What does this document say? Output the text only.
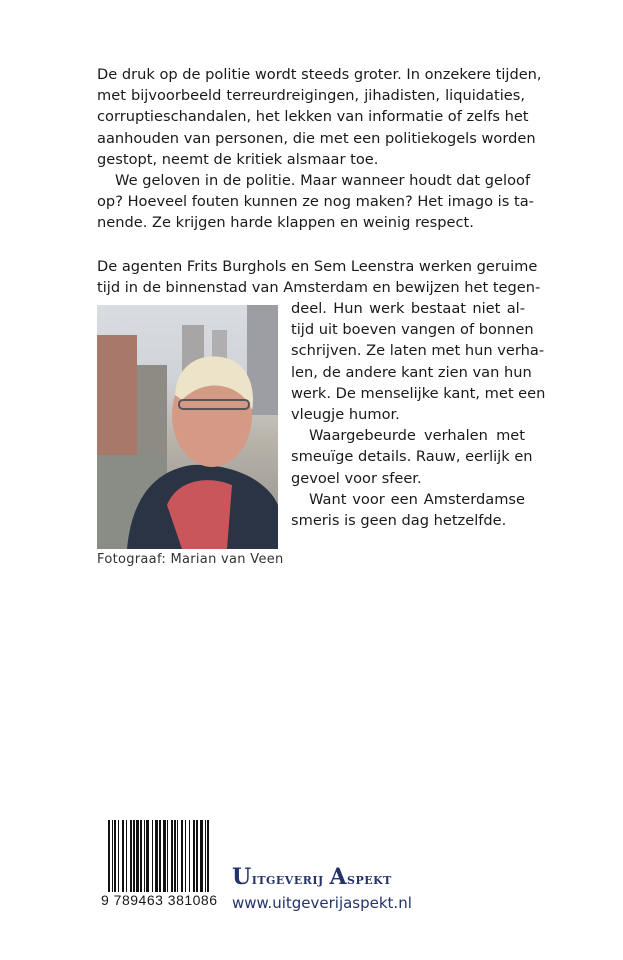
De druk op de politie wordt steeds groter. In onzekere tijden,
met bijvoorbeeld terreurdreigingen, jihadisten, liquidaties,
corruptieschandalen, het lekken van informatie of zelfs het
aanhouden van personen, die met een politiekogels worden
gestopt, neemt de kritiek alsmaar toe.
We geloven in de politie. Maar wanneer houdt dat geloof
op? Hoeveel fouten kunnen ze nog maken? Het imago is ta-
nende. Ze krijgen harde klappen en weinig respect.
De agenten Frits Burghols en Sem Leenstra werken geruime
tijd in de binnenstad van Amsterdam en bewijzen het tegen-
deel. Hun werk bestaat niet al-
tijd uit boeven vangen of bonnen
schrijven. Ze laten met hun verha-
len, de andere kant zien van hun
werk. De menselijke kant, met een
vleugje humor.
Waargebeurde verhalen met
smeuïge details. Rauw, eerlijk en
gevoel voor sfeer.
Want voor een Amsterdamse
smeris is geen dag hetzelfde.
Fotograaf: Marian van Veen
9 789463 381086
Uitgeverij Aspekt
www.uitgeverijaspekt.nl
